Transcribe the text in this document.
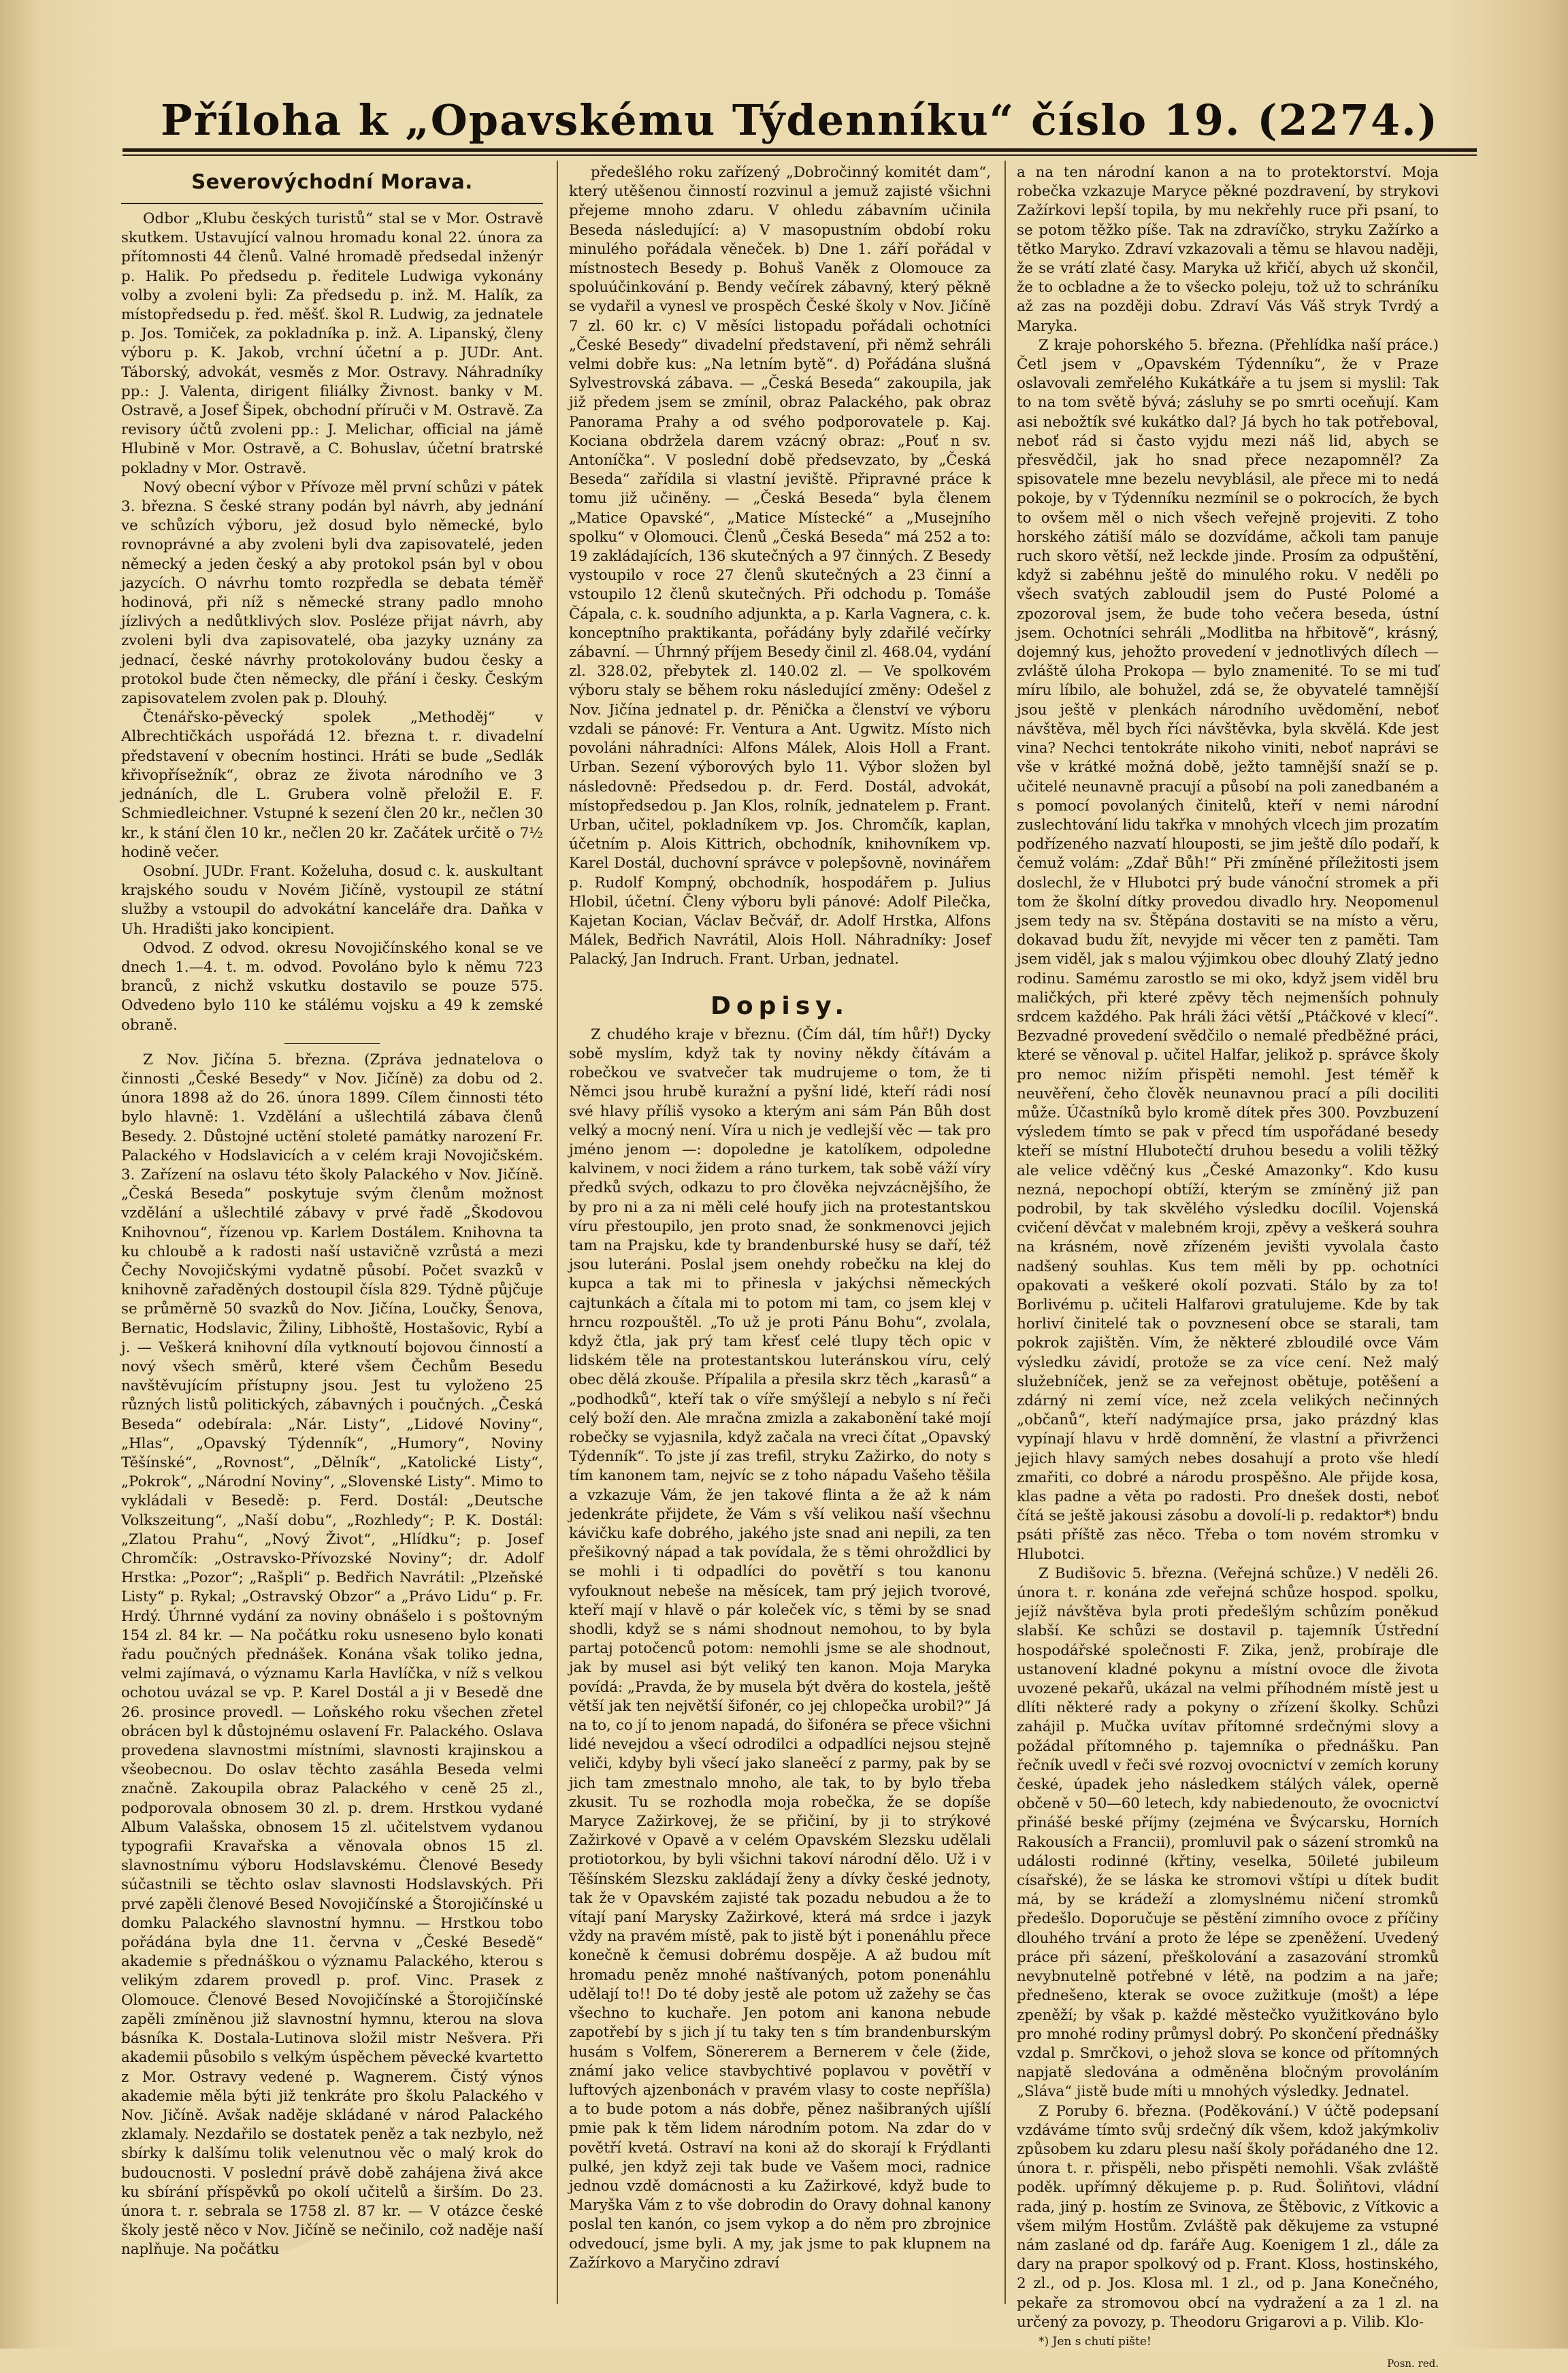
Příloha k „Opavskému Týdenníku“ číslo 19. (2274.)
Severovýchodní Morava.

Odbor „Klubu českých turistů“ stal se v Mor. Ostravě skutkem. Ustavující valnou hromadu konal 22. února za přítomnosti 44 členů. Valné hromadě předsedal inženýr p. Halik. Po předsedu p. ředitele Ludwiga vykonány volby a zvoleni byli: Za předsedu p. inž. M. Halík, za místopředsedu p. řed. měšť. škol R. Ludwig, za jednatele p. Jos. Tomiček, za pokladníka p. inž. A. Lipanský, členy výboru p. K. Jakob, vrchní účetní a p. JUDr. Ant. Táborský, advokát, vesměs z Mor. Ostravy. Náhradníky pp.: J. Valenta, dirigent filiálky Živnost. banky v M. Ostravě, a Josef Šipek, obchodní příruči v M. Ostravě. Za revisory účtů zvoleni pp.: J. Melichar, official na jámě Hlubině v Mor. Ostravě, a C. Bohuslav, účetní bratrské pokladny v Mor. Ostravě.

Nový obecní výbor v Přívoze měl první schůzi v pátek 3. března. S české strany podán byl návrh, aby jednání ve schůzích výboru, jež dosud bylo německé, bylo rovnoprávné a aby zvoleni byli dva zapisovatelé, jeden německý a jeden český a aby protokol psán byl v obou jazycích. O návrhu tomto rozpředla se debata téměř hodinová, při níž s německé strany padlo mnoho jízlivých a nedůtklivých slov. Posléze přijat návrh, aby zvoleni byli dva zapisovatelé, oba jazyky uznány za jednací, české návrhy protokolovány budou česky a protokol bude čten německy, dle přání i česky. Českým zapisovatelem zvolen pak p. Dlouhý.

Čtenářsko-pěvecký spolek „Methoděj“ v Albrechtičkách uspořádá 12. března t. r. divadelní představení v obecním hostinci. Hráti se bude „Sedlák křivopřísežník“, obraz ze života národního ve 3 jednáních, dle L. Grubera volně přeložil E. F. Schmiedleichner. Vstupné k sezení člen 20 kr., nečlen 30 kr., k stání člen 10 kr., nečlen 20 kr. Začátek určitě o 7½ hodině večer.

Osobní. JUDr. Frant. Koželuha, dosud c. k. auskultant krajského soudu v Novém Jičíně, vystoupil ze státní služby a vstoupil do advokátní kanceláře dra. Daňka v Uh. Hradišti jako koncipient.

Odvod. Z odvod. okresu Novojičínského konal se ve dnech 1.—4. t. m. odvod. Povoláno bylo k němu 723 branců, z nichž vskutku dostavilo se pouze 575. Odvedeno bylo 110 ke stálému vojsku a 49 k zemské obraně.

Z Nov. Jičína 5. března. (Zpráva jednatelova o činnosti „České Besedy“ v Nov. Jičíně) za dobu od 2. února 1898 až do 26. února 1899. Cílem činnosti této bylo hlavně: 1. Vzdělání a ušlechtilá zábava členů Besedy. 2. Důstojné uctění stoleté památky narození Fr. Palackého v Hodslavicích a v celém kraji Novojičském. 3. Zařízení na oslavu této školy Palackého v Nov. Jičíně. „Česká Beseda“ poskytuje svým členům možnost vzdělání a ušlechtilé zábavy v prvé řadě „Škodovou Knihovnou“, řízenou vp. Karlem Dostálem. Knihovna ta ku chloubě a k radosti naší ustavičně vzrůstá a mezi Čechy Novojičskými vydatně působí. Počet svazků v knihovně zařaděných dostoupil čísla 829. Týdně půjčuje se průměrně 50 svazků do Nov. Jičína, Loučky, Šenova, Bernatic, Hodslavic, Žiliny, Libhoště, Hostašovic, Rybí a j. — Veškerá knihovní díla vytknoutí bojovou činností a nový všech směrů, které všem Čechům Besedu navštěvujícím přístupny jsou. Jest tu vyloženo 25 různých listů politických, zábavných i poučných. „Česká Beseda“ odebírala: „Nár. Listy“, „Lidové Noviny“, „Hlas“, „Opavský Týdenník“, „Humory“, Noviny Těšínské“, „Rovnost“, „Dělník“, „Katolické Listy“, „Pokrok“, „Národní Noviny“, „Slovenské Listy“. Mimo to vykládali v Besedě: p. Ferd. Dostál: „Deutsche Volkszeitung“, „Naší dobu“, „Rozhledy“; P. K. Dostál: „Zlatou Prahu“, „Nový Život“, „Hlídku“; p. Josef Chromčík: „Ostravsko-Přívozské Noviny“; dr. Adolf Hrstka: „Pozor“; „Rašpli“ p. Bedřich Navrátil: „Plzeňské Listy“ p. Rykal; „Ostravský Obzor“ a „Právo Lidu“ p. Fr. Hrdý. Úhrnné vydání za noviny obnášelo i s poštovným 154 zl. 84 kr. — Na počátku roku usneseno bylo konati řadu poučných přednášek. Konána však toliko jedna, velmi zajímavá, o významu Karla Havlíčka, v níž s velkou ochotou uvázal se vp. P. Karel Dostál a ji v Besedě dne 26. prosince provedl. — Loňského roku všechen zřetel obrácen byl k důstojnému oslavení Fr. Palackého. Oslava provedena slavnostmi místními, slavnosti krajinskou a všeobecnou. Do oslav těchto zasáhla Beseda velmi značně. Zakoupila obraz Palackého v ceně 25 zl., podporovala obnosem 30 zl. p. drem. Hrstkou vydané Album Valašska, obnosem 15 zl. učitelstvem vydanou typografii Kravařska a věnovala obnos 15 zl. slavnostnímu výboru Hodslavskému. Členové Besedy súčastnili se těchto oslav slavnosti Hodslavských. Při prvé zapěli členové Besed Novojičínské a Štorojičínské u domku Palackého slavnostní hymnu. — Hrstkou tobo pořádána byla dne 11. června v „České Besedě“ akademie s přednáškou o významu Palackého, kterou s velikým zdarem provedl p. prof. Vinc. Prasek z Olomouce. Členové Besed Novojičínské a Štorojičínské zapěli zmíněnou již slavnostní hymnu, kterou na slova básníka K. Dostala-Lutinova složil mistr Nešvera. Při akademii působilo s velkým úspěchem pěvecké kvartetto z Mor. Ostravy vedené p. Wagnerem. Čistý výnos akademie měla býti již tenkráte pro školu Palackého v Nov. Jičíně. Avšak naděje skládané v národ Palackého zklamaly. Nezdařilo se dostatek peněz a tak nezbylo, než sbírky k dalšímu tolik velenutnou věc o malý krok do budoucnosti. V poslední právě době zahájena živá akce ku sbírání příspěvků po okolí učitelů a širším. Do 23. února t. r. sebrala se 1758 zl. 87 kr. — V otázce české školy jestě něco v Nov. Jičíně se nečinilo, což naděje naší naplňuje. Na počátku

předešlého roku zařízený „Dobročinný komitét dam“, který utěšenou činností rozvinul a jemuž zajisté všichni přejeme mnoho zdaru. V ohledu zábavním učinila Beseda následující: a) V masopustním období roku minulého pořádala věneček. b) Dne 1. září pořádal v místnostech Besedy p. Bohuš Vaněk z Olomouce za spoluúčinkování p. Bendy večírek zábavný, který pěkně se vydařil a vynesl ve prospěch České školy v Nov. Jičíně 7 zl. 60 kr. c) V měsíci listopadu pořádali ochotníci „České Besedy“ divadelní představení, při němž sehráli velmi dobře kus: „Na letním bytě“. d) Pořádána slušná Sylvestrovská zábava. — „Česká Beseda“ zakoupila, jak již předem jsem se zmínil, obraz Palackého, pak obraz Panorama Prahy a od svého podporovatele p. Kaj. Kociana obdržela darem vzácný obraz: „Pouť n sv. Antoníčka“. V poslední době předsevzato, by „Česká Beseda“ zařídila si vlastní jeviště. Připravné práce k tomu již učiněny. — „Česká Beseda“ byla členem „Matice Opavské“, „Matice Místecké“ a „Musejního spolku“ v Olomouci. Členů „Česká Beseda“ má 252 a to: 19 zakládajících, 136 skutečných a 97 činných. Z Besedy vystoupilo v roce 27 členů skutečných a 23 činní a vstoupilo 12 členů skutečných. Při odchodu p. Tomáše Čápala, c. k. soudního adjunkta, a p. Karla Vagnera, c. k. konceptního praktikanta, pořádány byly zdařilé večírky zábavní. — Úhrnný příjem Besedy činil zl. 468.04, vydání zl. 328.02, přebytek zl. 140.02 zl. — Ve spolkovém výboru staly se během roku následující změny: Odešel z Nov. Jičína jednatel p. dr. Pěnička a členství ve výboru vzdali se pánové: Fr. Ventura a Ant. Ugwitz. Místo nich povoláni náhradníci: Alfons Málek, Alois Holl a Frant. Urban. Sezení výborových bylo 11. Výbor složen byl následovně: Předsedou p. dr. Ferd. Dostál, advokát, místopředsedou p. Jan Klos, rolník, jednatelem p. Frant. Urban, učitel, pokladníkem vp. Jos. Chromčík, kaplan, účetním p. Alois Kittrich, obchodník, knihovníkem vp. Karel Dostál, duchovní správce v polepšovně, novinářem p. Rudolf Kompný, obchodník, hospodářem p. Julius Hlobil, účetní. Členy výboru byli pánové: Adolf Pilečka, Kajetan Kocian, Václav Bečvář, dr. Adolf Hrstka, Alfons Málek, Bedřich Navrátil, Alois Holl. Náhradníky: Josef Palacký, Jan Indruch. Frant. Urban, jednatel.

Dopisy.

Z chudého kraje v březnu. (Čím dál, tím hůř!) Dycky sobě myslím, když tak ty noviny někdy čítávám a robečkou ve svatvečer tak mudrujeme o tom, že ti Němci jsou hrubě kuražní a pyšní lidé, kteří rádi nosí své hlavy příliš vysoko a kterým ani sám Pán Bůh dost velký a mocný není. Víra u nich je vedlejší věc — tak pro jméno jenom —: dopoledne je katolíkem, odpoledne kalvinem, v noci židem a ráno turkem, tak sobě váží víry předků svých, odkazu to pro člověka nejvzácnějšího, že by pro ni a za ni měli celé houfy jich na protestantskou víru přestoupilo, jen proto snad, že sonkmenovci jejich tam na Prajsku, kde ty brandenburské husy se daří, též jsou luteráni. Poslal jsem onehdy robečku na klej do kupca a tak mi to přinesla v jakýchsi německých cajtunkách a čítala mi to potom mi tam, co jsem klej v hrncu rozpouštěl. „To už je proti Pánu Bohu“, zvolala, když čtla, jak prý tam křesť celé tlupy těch opic v lidském těle na protestantskou luteránskou víru, celý obec dělá zkouše. Přípalila a přesila skrz těch „karasů“ a „podhodků“, kteří tak o víře smýšlejí a nebylo s ní řeči celý boží den. Ale mračna zmizla a zakabonění také mojí robečky se vyjasnila, když začala na vreci čítat „Opavský Týdenník“. To jste jí zas trefil, stryku Zažirko, do noty s tím kanonem tam, nejvíc se z toho nápadu Vašeho těšila a vzkazuje Vám, že jen takové flinta a že až k nám jedenkráte přijdete, že Vám s vší velikou naší všechnu kávičku kafe dobrého, jakého jste snad ani nepili, za ten přešikovný nápad a tak povídala, že s těmi ohroždlici by se mohli i ti odpadlíci do povětří s tou kanonu vyfouknout nebeše na měsícek, tam prý jejich tvorové, kteří mají v hlavě o pár koleček víc, s těmi by se snad shodli, když se s námi shodnout nemohou, to by byla partaj potočenců potom: nemohli jsme se ale shodnout, jak by musel asi být veliký ten kanon. Moja Maryka povídá: „Pravda, že by musela být dvěra do kostela, ještě větší jak ten největší šifonér, co jej chlopečka urobil?“ Já na to, co jí to jenom napadá, do šifonéra se přece všichni lidé nevejdou a všecí odrodilci a odpadlíci nejsou stejně veliči, kdyby byli všecí jako slaneěcí z parmy, pak by se jich tam zmestnalo mnoho, ale tak, to by bylo třeba zkusit. Tu se rozhodla moja robečka, že se dopíše Maryce Zažirkovej, že se přičiní, by ji to strýkové Zažirkové v Opavě a v celém Opavském Slezsku udělali protiotorkou, by byli všichni takoví národní dělo. Už i v Těšínském Slezsku zakládají ženy a dívky české jednoty, tak že v Opavském zajisté tak pozadu nebudou a že to vítají paní Marysky Zažirkové, která má srdce i jazyk vždy na pravém místě, pak to jistě být i ponenáhlu přece konečně k čemusi dobrému dospěje. A až budou mít hromadu peněz mnohé naštívaných, potom ponenáhlu udělají to!! Do té doby jestě ale potom už zažehy se čas všechno to kuchaře. Jen potom ani kanona nebude zapotřebí by s jich jí tu taky ten s tím brandenburským husám s Volfem, Sönererem a Bernerem v čele (žide, známí jako velice stavbychtivé poplavou v povětří v luftových ajzenbonách v pravém vlasy to coste nepříšla) a to bude potom a nás dobře, pěnez našibraných ujíšlí pmie pak k těm lidem národním potom. Na zdar do v povětří kvetá. Ostraví na koni až do skorají k Frýdlanti pulké, jen když zeji tak bude ve Vašem moci, radnice jednou vzdě domácnosti a ku Zažirkové, když bude to Maryška Vám z to vše dobrodin do Oravy dohnal kanony poslal ten kanón, co jsem vykop a do něm pro zbrojnice odvedoucí, jsme byli. A my, jak jsme to pak klupnem na Zažírkovo a Maryčino zdraví

a na ten národní kanon a na to protektorství. Moja robečka vzkazuje Maryce pěkné pozdravení, by strykovi Zažírkovi lepší topila, by mu nekřehly ruce při psaní, to se potom těžko píše. Tak na zdravíčko, stryku Zažírko a tětko Maryko. Zdraví vzkazovali a těmu se hlavou naději, že se vrátí zlaté časy. Maryka už křičí, abych už skončil, že to ocbladne a že to všecko poleju, tož už to schráníku až zas na později dobu. Zdraví Vás Váš stryk Tvrdý a Maryka.

Z kraje pohorského 5. března. (Přehlídka naší práce.) Četl jsem v „Opavském Týdenníku“, že v Praze oslavovali zemřelého Kukátkáře a tu jsem si myslil: Tak to na tom světě bývá; zásluhy se po smrti oceňují. Kam asi nebožtík své kukátko dal? Já bych ho tak potřeboval, neboť rád si často vyjdu mezi náš lid, abych se přesvědčil, jak ho snad přece nezapomněl? Za spisovatele mne bezelu nevyblásil, ale přece mi to nedá pokoje, by v Týdenníku nezmínil se o pokrocích, že bych to ovšem měl o nich všech veřejně projeviti. Z toho horského zátiší málo se dozvídáme, ačkoli tam panuje ruch skoro větší, než leckde jinde. Prosím za odpuštění, když si zabéhnu ještě do minulého roku. V neděli po všech svatých zabloudil jsem do Pusté Polomé a zpozoroval jsem, že bude toho večera beseda, ústní jsem. Ochotníci sehráli „Modlitba na hřbitově“, krásný, dojemný kus, jehožto provedení v jednotlivých dílech — zvláště úloha Prokopa — bylo znamenité. To se mi tuď míru líbilo, ale bohužel, zdá se, že obyvatelé tamnější jsou ještě v plenkách národního uvědomění, neboť návštěva, měl bych říci návštěvka, byla skvělá. Kde jest vina? Nechci tentokráte nikoho viniti, neboť naprávi se vše v krátké možná době, ježto tamnější snaží se p. učitelé neunavně pracují a působí na poli zanedbaném a s pomocí povolaných činitelů, kteří v nemi národní zuslechtování lidu takřka v mnohých vlcech jim prozatím podřízeného nazvatí hlouposti, se jim ještě dílo podaří, k čemuž volám: „Zdař Bůh!“ Při zmíněné příležitosti jsem doslechl, že v Hlubotci prý bude vánoční stromek a při tom že školní dítky provedou divadlo hry. Neopomenul jsem tedy na sv. Štěpána dostaviti se na místo a věru, dokavad budu žít, nevyjde mi věcer ten z paměti. Tam jsem viděl, jak s malou výjimkou obec dlouhý Zlatý jedno rodinu. Samému zarostlo se mi oko, když jsem viděl bru maličkých, při které zpěvy těch nejmenších pohnuly srdcem každého. Pak hráli žáci větší „Ptáčkové v klecí“. Bezvadné provedení svědčilo o nemalé předběžné práci, které se věnoval p. učitel Halfar, jelikož p. správce školy pro nemoc nižím přispěti nemohl. Jest téměř k neuvěření, čeho člověk neunavnou prací a píli dociliti může. Účastníků bylo kromě dítek přes 300. Povzbuzení výsledem tímto se pak v přecd tím uspořádané besedy kteří se místní Hlubotečtí druhou besedu a volili těžký ale velice vděčný kus „České Amazonky“. Kdo kusu nezná, nepochopí obtíží, kterým se zmíněný již pan podrobil, by tak skvělého výsledku docílil. Vojenská cvičení děvčat v malebném kroji, zpěvy a veškerá souhra na krásném, nově zřízeném jevišti vyvolala často nadšený souhlas. Kus tem měli by pp. ochotníci opakovati a veškeré okolí pozvati. Stálo by za to! Borlivému p. učiteli Halfarovi gratulujeme. Kde by tak horliví činitelé tak o povznesení obce se starali, tam pokrok zajištěn. Vím, že některé zbloudilé ovce Vám výsledku závidí, protože se za více cení. Než malý služebníček, jenž se za veřejnost obětuje, potěšení a zdárný ni zemí více, než zcela velikých nečinných „občanů“, kteří nadýmajíce prsa, jako prázdný klas vypínají hlavu v hrdě domnění, že vlastní a přivrženci jejich hlavy samých nebes dosahují a proto vše hledí zmařiti, co dobré a národu prospěšno. Ale přijde kosa, klas padne a věta po radosti. Pro dnešek dosti, neboť čítá se ještě jakousi zásobu a dovolí-li p. redaktor*) bndu psáti příště zas něco. Třeba o tom novém stromku v Hlubotci.

Z Budišovic 5. března. (Veřejná schůze.) V neděli 26. února t. r. konána zde veřejná schůze hospod. spolku, jejíž návštěva byla proti předešlým schůzím poněkud slabší. Ke schůzi se dostavil p. tajemník Ústřední hospodářské společnosti F. Zika, jenž, probíraje dle ustanovení kladné pokynu a místní ovoce dle života uvozené pekařů, ukázal na velmi příhodném místě jest u dlíti některé rady a pokyny o zřízení školky. Schůzi zahájil p. Mučka uvítav přítomné srdečnými slovy a požádal přítomného p. tajemníka o přednášku. Pan řečník uvedl v řeči své rozvoj ovocnictví v zemích koruny české, úpadek jeho následkem stálých válek, operně občeně v 50—60 letech, kdy nabiedenouto, že ovocnictví přinášé beské příjmy (zejména ve Švýcarsku, Horních Rakousích a Francii), promluvil pak o sázení stromků na události rodinné (křtiny, veselka, 50ileté jubileum císařské), že se láska ke stromovi vštípi u dítek budit má, by se krádeží a zlomyslnému ničení stromků předešlo. Doporučuje se pěstění zimního ovoce z příčiny dlouhého trvání a proto že lépe se zpeněžení. Uvedený práce při sázení, přeškolování a zasazování stromků nevybnutelně potřebné v létě, na podzim a na jaře; přednešeno, kterak se ovoce zužitkuje (mošt) a lépe zpeněží; by však p. každé městečko využitkováno bylo pro mnohé rodiny průmysl dobrý. Po skončení přednášky vzdal p. Smrčkovi, o jehož slova se konce od přítomných napjatě sledována a odměněna bločným provoláním „Sláva“ jistě bude míti u mnohých výsledky. Jednatel.

Z Poruby 6. března. (Poděkování.) V účtě podepsaní vzdáváme tímto svůj srdečný dík všem, kdož jakýmkoliv způsobem ku zdaru plesu naší školy pořádaného dne 12. února t. r. přispěli, nebo přispěti nemohli. Však zvláště poděk. upřímný děkujeme p. p. Rud. Šoliňtovi, vládní rada, jiný p. hostím ze Svinova, ze Štěbovic, z Vítkovic a všem milým Hostům. Zvláště pak děkujeme za vstupné nám zaslané od dp. faráře Aug. Koenigem 1 zl., dále za dary na prapor spolkový od p. Frant. Kloss, hostinského, 2 zl., od p. Jos. Klosa ml. 1 zl., od p. Jana Konečného, pekaře za stromovou obcí na vydražení a za 1 zl. na určený za povozy, p. Theodoru Grigarovi a p. Vilib. Klo-

*) Jen s chutí pište!

Posn. red.
